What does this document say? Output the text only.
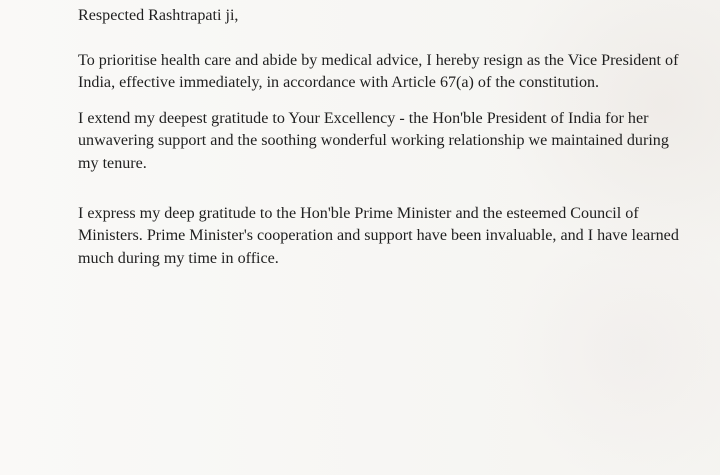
Respected Rashtrapati ji,

To prioritise health care and abide by medical advice, I hereby resign as the Vice President of
India, effective immediately, in accordance with Article 67(a) of the constitution.
I extend my deepest gratitude to Your Excellency - the Hon'ble President of India for her
unwavering support and the soothing wonderful working relationship we maintained during
my tenure.
I express my deep gratitude to the Hon'ble Prime Minister and the esteemed Council of
Ministers. Prime Minister's cooperation and support have been invaluable, and I have learned
much during my time in office.
